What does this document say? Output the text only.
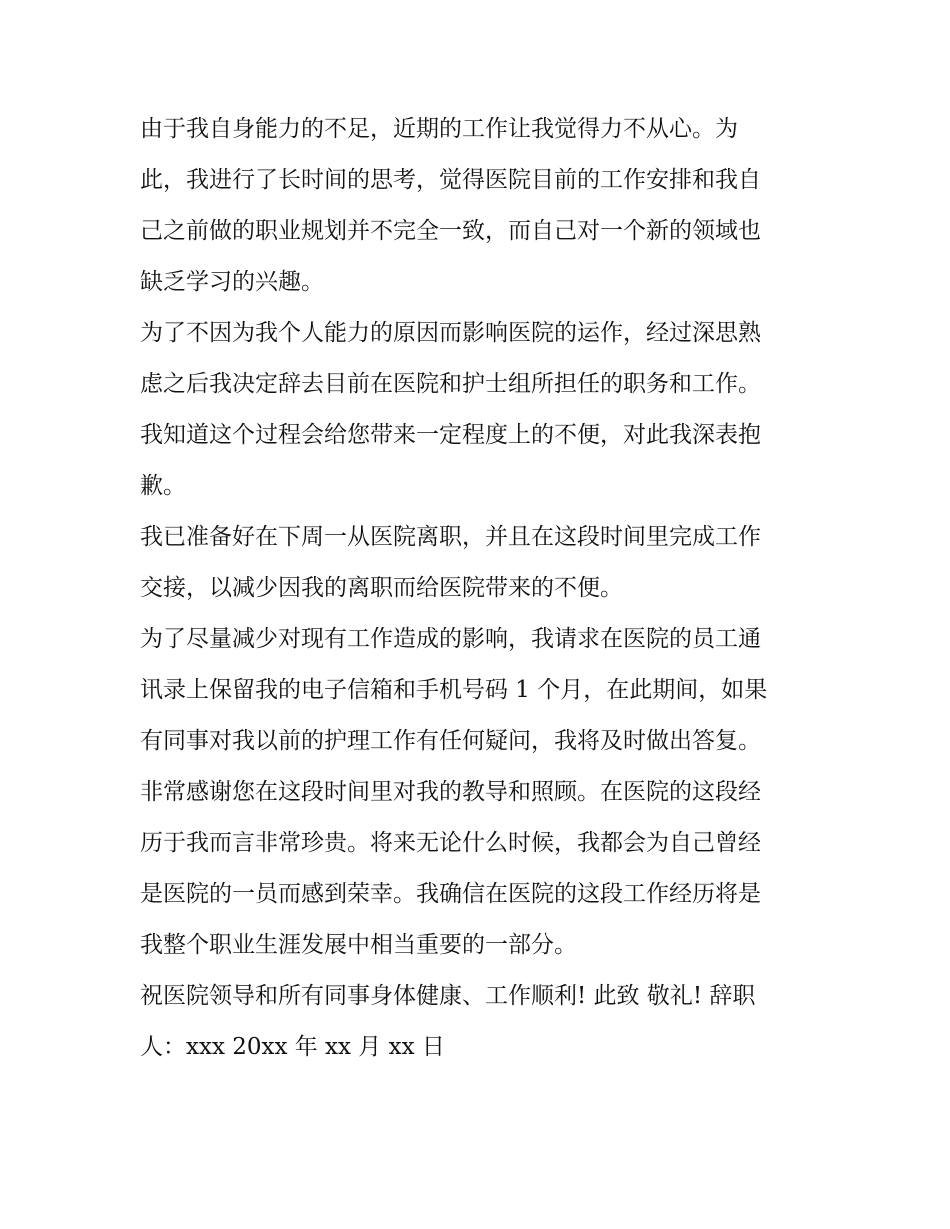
由于我自身能力的不足，近期的工作让我觉得力不从心。为
此，我进行了长时间的思考，觉得医院目前的工作安排和我自
己之前做的职业规划并不完全一致，而自己对一个新的领域也
缺乏学习的兴趣。
为了不因为我个人能力的原因而影响医院的运作，经过深思熟
虑之后我决定辞去目前在医院和护士组所担任的职务和工作。
我知道这个过程会给您带来一定程度上的不便，对此我深表抱
歉。
我已准备好在下周一从医院离职，并且在这段时间里完成工作
交接，以减少因我的离职而给医院带来的不便。
为了尽量减少对现有工作造成的影响，我请求在医院的员工通
讯录上保留我的电子信箱和手机号码 1 个月，在此期间，如果
有同事对我以前的护理工作有任何疑问，我将及时做出答复。
非常感谢您在这段时间里对我的教导和照顾。在医院的这段经
历于我而言非常珍贵。将来无论什么时候，我都会为自己曾经
是医院的一员而感到荣幸。我确信在医院的这段工作经历将是
我整个职业生涯发展中相当重要的一部分。
祝医院领导和所有同事身体健康、工作顺利! 此致 敬礼! 辞职
人：xxx 20xx 年 xx 月 xx 日
